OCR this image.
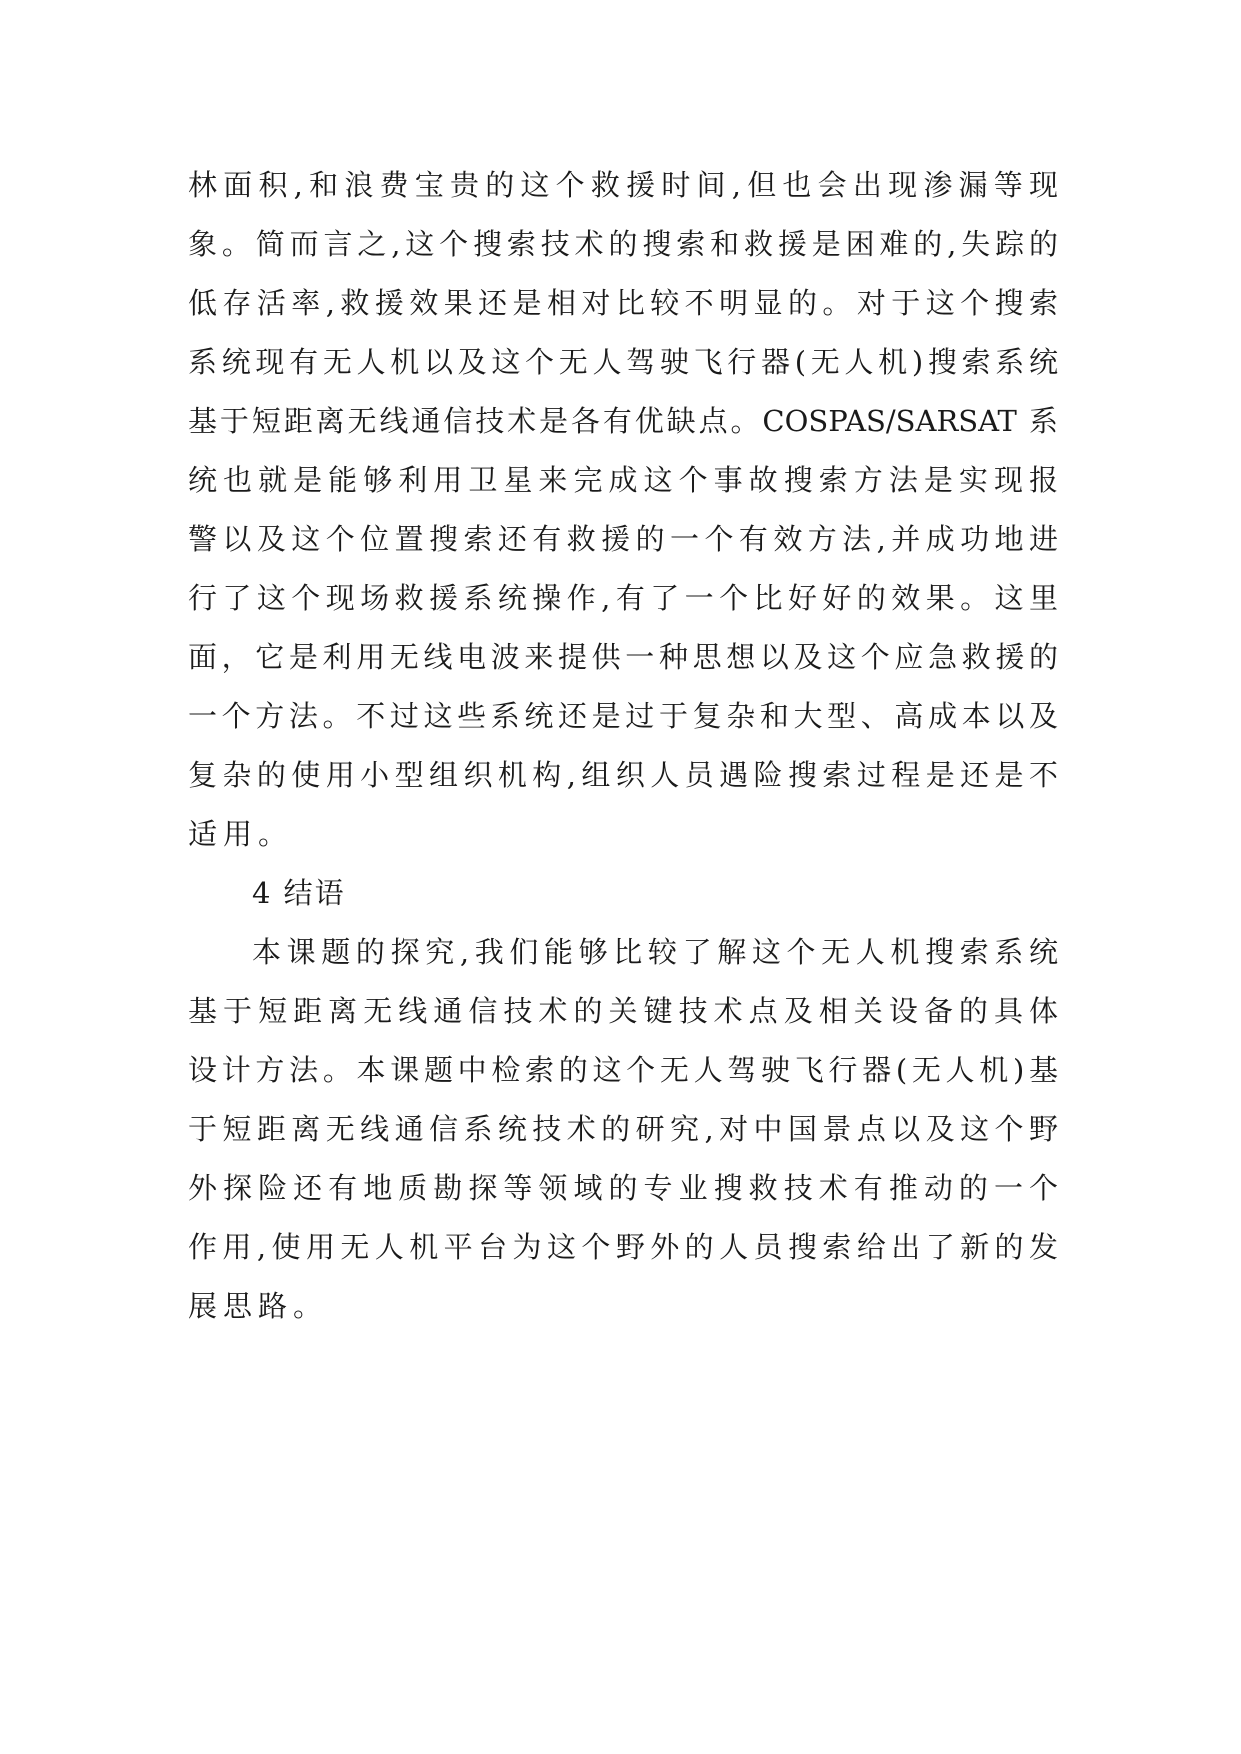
林面积,和浪费宝贵的这个救援时间,但也会出现渗漏等现
象。简而言之,这个搜索技术的搜索和救援是困难的,失踪的
低存活率,救援效果还是相对比较不明显的。对于这个搜索
系统现有无人机以及这个无人驾驶飞行器(无人机)搜索系统
基于短距离无线通信技术是各有优缺点。COSPAS/SARSAT 系
统也就是能够利用卫星来完成这个事故搜索方法是实现报
警以及这个位置搜索还有救援的一个有效方法,并成功地进
行了这个现场救援系统操作,有了一个比好好的效果。这里
面，它是利用无线电波来提供一种思想以及这个应急救援的
一个方法。不过这些系统还是过于复杂和大型、高成本以及
复杂的使用小型组织机构,组织人员遇险搜索过程是还是不
适用。
4 结语
本课题的探究,我们能够比较了解这个无人机搜索系统
基于短距离无线通信技术的关键技术点及相关设备的具体
设计方法。本课题中检索的这个无人驾驶飞行器(无人机)基
于短距离无线通信系统技术的研究,对中国景点以及这个野
外探险还有地质勘探等领域的专业搜救技术有推动的一个
作用,使用无人机平台为这个野外的人员搜索给出了新的发
展思路。
